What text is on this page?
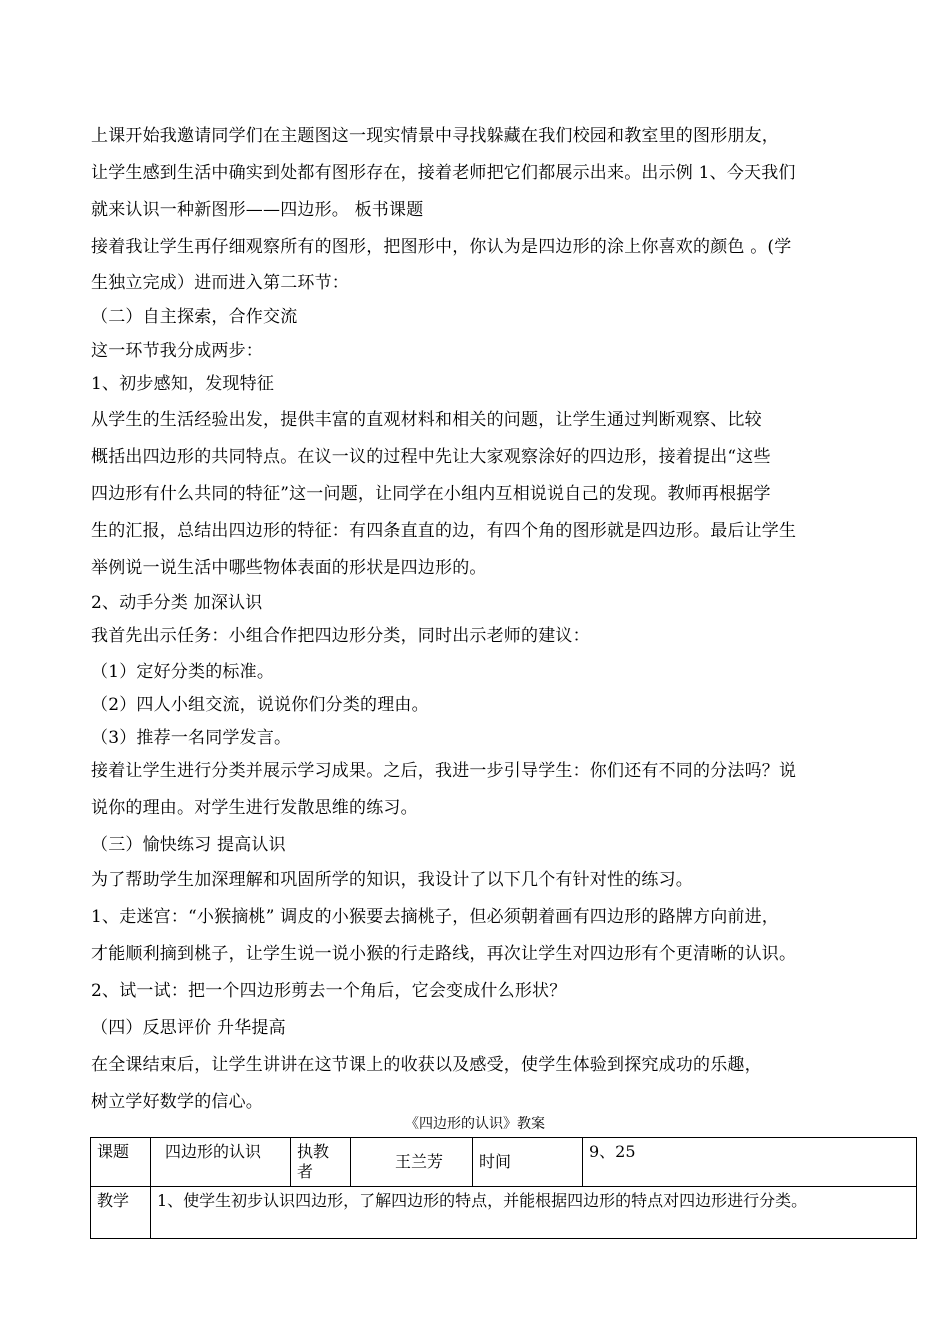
上课开始我邀请同学们在主题图这一现实情景中寻找躲藏在我们校园和教室里的图形朋友，
让学生感到生活中确实到处都有图形存在，接着老师把它们都展示出来。出示例 1、今天我们
就来认识一种新图形——四边形。 板书课题
接着我让学生再仔细观察所有的图形，把图形中，你认为是四边形的涂上你喜欢的颜色 。(学
生独立完成）进而进入第二环节：
（二）自主探索，合作交流
这一环节我分成两步：
1、初步感知，发现特征
从学生的生活经验出发，提供丰富的直观材料和相关的问题，让学生通过判断观察、比较
概括出四边形的共同特点。在议一议的过程中先让大家观察涂好的四边形，接着提出“这些
四边形有什么共同的特征”这一问题，让同学在小组内互相说说自己的发现。教师再根据学
生的汇报，总结出四边形的特征：有四条直直的边，有四个角的图形就是四边形。最后让学生
举例说一说生活中哪些物体表面的形状是四边形的。
2、动手分类 加深认识
我首先出示任务：小组合作把四边形分类，同时出示老师的建议：
（1）定好分类的标准。
（2）四人小组交流，说说你们分类的理由。
（3）推荐一名同学发言。
接着让学生进行分类并展示学习成果。之后，我进一步引导学生：你们还有不同的分法吗？说
说你的理由。对学生进行发散思维的练习。
（三）愉快练习 提高认识
为了帮助学生加深理解和巩固所学的知识，我设计了以下几个有针对性的练习。
1、走迷宫：“小猴摘桃” 调皮的小猴要去摘桃子，但必须朝着画有四边形的路牌方向前进，
才能顺利摘到桃子，让学生说一说小猴的行走路线，再次让学生对四边形有个更清晰的认识。
2、试一试：把一个四边形剪去一个角后，它会变成什么形状？
（四）反思评价 升华提高
《四边形的认识》教案
课题	四边形的认识	执教者	王兰芳	时间	9、25
教学	1、使学生初步认识四边形，了解四边形的特点，并能根据四边形的特点对四边形进行分类。				
在全课结束后，让学生讲讲在这节课上的收获以及感受，使学生体验到探究成功的乐趣，
树立学好数学的信心。
